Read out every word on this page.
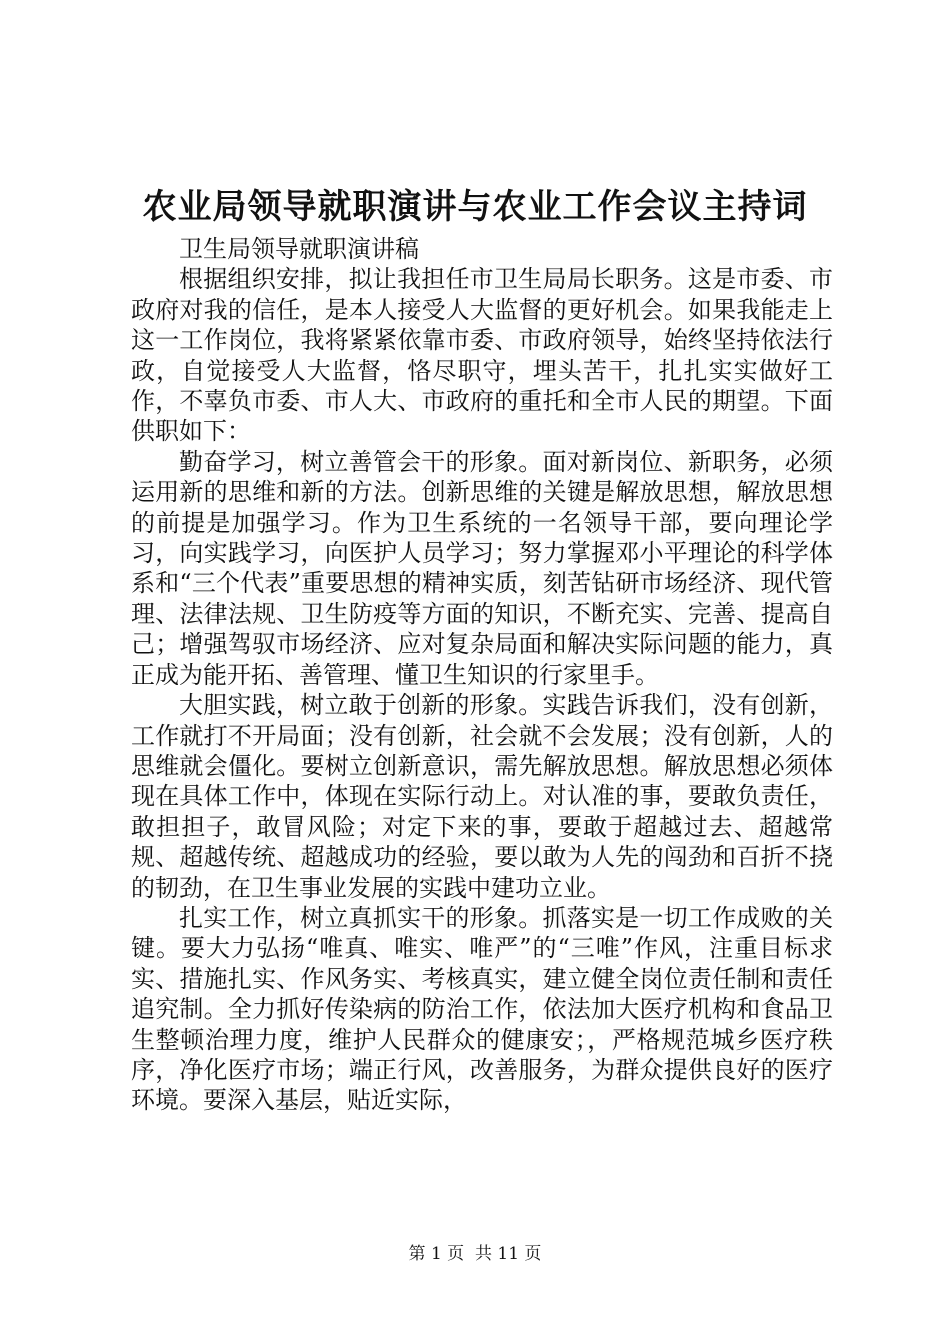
农业局领导就职演讲与农业工作会议主持词

卫生局领导就职演讲稿

根据组织安排，拟让我担任市卫生局局长职务。这是市委、市政府对我的信任，是本人接受人大监督的更好机会。如果我能走上这一工作岗位，我将紧紧依靠市委、市政府领导，始终坚持依法行政，自觉接受人大监督，恪尽职守，埋头苦干，扎扎实实做好工作，不辜负市委、市人大、市政府的重托和全市人民的期望。下面供职如下：

勤奋学习，树立善管会干的形象。面对新岗位、新职务，必须运用新的思维和新的方法。创新思维的关键是解放思想，解放思想的前提是加强学习。作为卫生系统的一名领导干部，要向理论学习，向实践学习，向医护人员学习；努力掌握邓小平理论的科学体系和“三个代表”重要思想的精神实质，刻苦钻研市场经济、现代管理、法律法规、卫生防疫等方面的知识，不断充实、完善、提高自己；增强驾驭市场经济、应对复杂局面和解决实际问题的能力，真正成为能开拓、善管理、懂卫生知识的行家里手。

大胆实践，树立敢于创新的形象。实践告诉我们，没有创新，工作就打不开局面；没有创新，社会就不会发展；没有创新，人的思维就会僵化。要树立创新意识，需先解放思想。解放思想必须体现在具体工作中，体现在实际行动上。对认准的事，要敢负责任，敢担担子，敢冒风险；对定下来的事，要敢于超越过去、超越常规、超越传统、超越成功的经验，要以敢为人先的闯劲和百折不挠的韧劲，在卫生事业发展的实践中建功立业。

扎实工作，树立真抓实干的形象。抓落实是一切工作成败的关键。要大力弘扬“唯真、唯实、唯严”的“三唯”作风，注重目标求实、措施扎实、作风务实、考核真实，建立健全岗位责任制和责任追究制。全力抓好传染病的防治工作，依法加大医疗机构和食品卫生整顿治理力度，维护人民群众的健康安；，严格规范城乡医疗秩序，净化医疗市场；端正行风，改善服务，为群众提供良好的医疗环境。要深入基层，贴近实际，

第 1 页 共 11 页
